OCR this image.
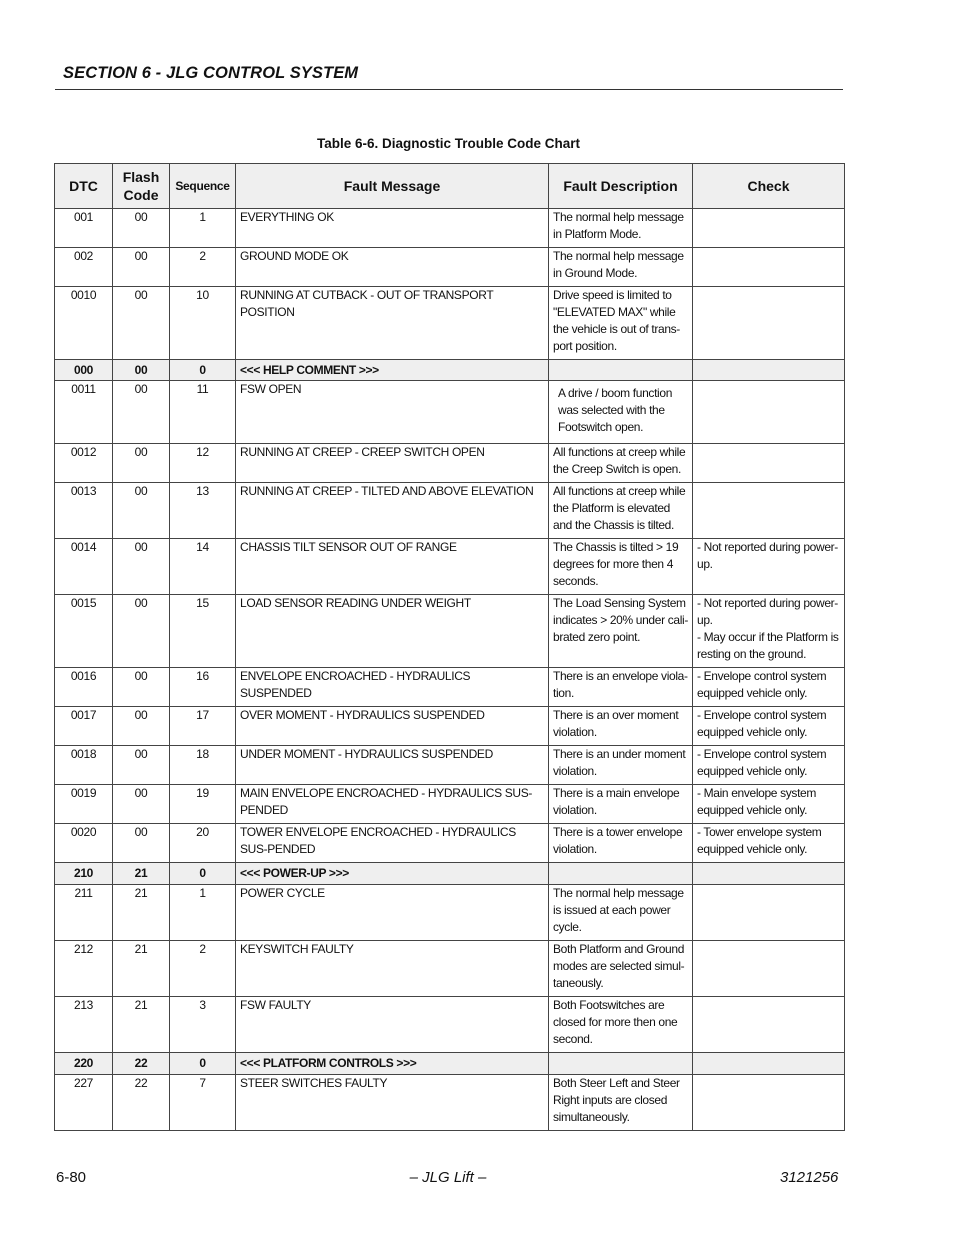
SECTION 6 - JLG CONTROL SYSTEM
Table 6-6. Diagnostic Trouble Code Chart
DTC	Flash Code	Sequence	Fault Message	Fault Description	Check
001	00	1	EVERYTHING OK	The normal help message in Platform Mode.	
002	00	2	GROUND MODE OK	The normal help message in Ground Mode.	
0010	00	10	RUNNING AT CUTBACK - OUT OF TRANSPORT POSITION	Drive speed is limited to "ELEVATED MAX" while the vehicle is out of trans-port position.	
000	00	0	<<< HELP COMMENT >>>		
0011	00	11	FSW OPEN	A drive / boom function was selected with the Footswitch open.	
0012	00	12	RUNNING AT CREEP - CREEP SWITCH OPEN	All functions at creep while the Creep Switch is open.	
0013	00	13	RUNNING AT CREEP - TILTED AND ABOVE ELEVATION	All functions at creep while the Platform is elevated and the Chassis is tilted.	
0014	00	14	CHASSIS TILT SENSOR OUT OF RANGE	The Chassis is tilted > 19 degrees for more then 4 seconds.	- Not reported during power-up.
0015	00	15	LOAD SENSOR READING UNDER WEIGHT	The Load Sensing System indicates > 20% under cali-brated zero point.	- Not reported during power-up.
- May occur if the Platform is resting on the ground.
0016	00	16	ENVELOPE ENCROACHED - HYDRAULICS SUSPENDED	There is an envelope viola-tion.	- Envelope control system equipped vehicle only.
0017	00	17	OVER MOMENT - HYDRAULICS SUSPENDED	There is an over moment violation.	- Envelope control system equipped vehicle only.
0018	00	18	UNDER MOMENT - HYDRAULICS SUSPENDED	There is an under moment violation.	- Envelope control system equipped vehicle only.
0019	00	19	MAIN ENVELOPE ENCROACHED - HYDRAULICS SUS-PENDED	There is a main envelope violation.	- Main envelope system equipped vehicle only.
0020	00	20	TOWER ENVELOPE ENCROACHED - HYDRAULICS SUS-PENDED	There is a tower envelope violation.	- Tower envelope system equipped vehicle only.
210	21	0	<<< POWER-UP >>>		
211	21	1	POWER CYCLE	The normal help message is issued at each power cycle.	
212	21	2	KEYSWITCH FAULTY	Both Platform and Ground modes are selected simul-taneously.	
213	21	3	FSW FAULTY	Both Footswitches are closed for more then one second.	
220	22	0	<<< PLATFORM CONTROLS >>>		
227	22	7	STEER SWITCHES FAULTY	Both Steer Left and Steer Right inputs are closed simultaneously.	
6-80	– JLG Lift –	3121256
